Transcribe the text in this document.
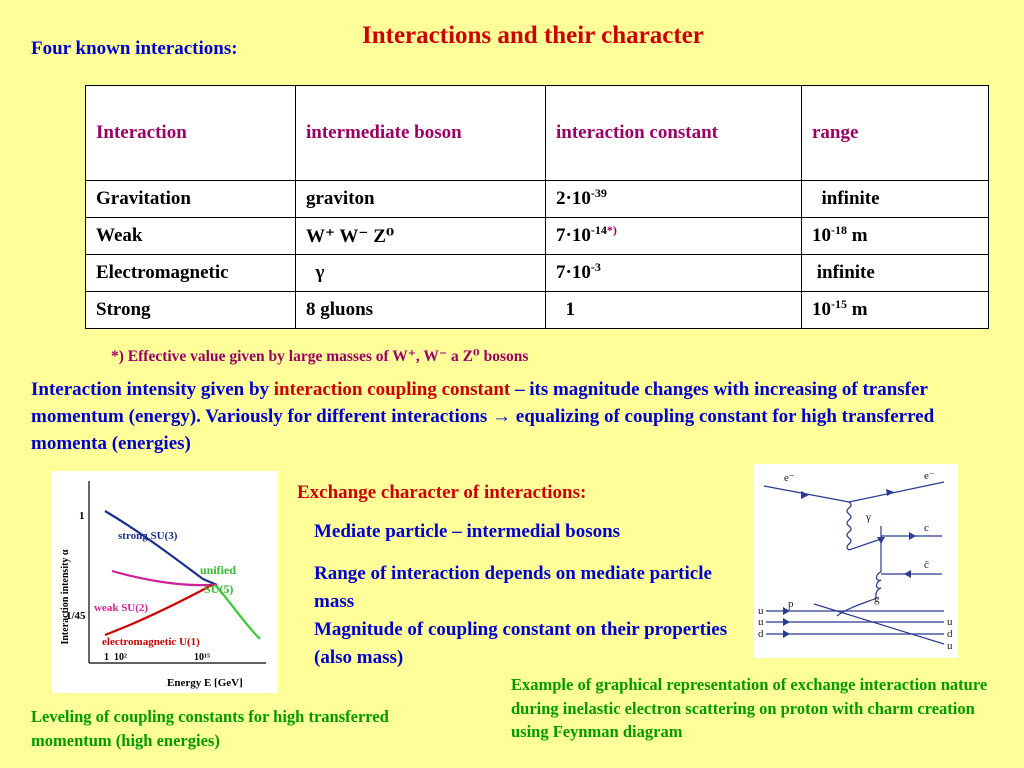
Interactions and their character
Four known interactions:
Interaction	intermediate boson	interaction constant	range
Gravitation	graviton	$2\cdot 10^{-39}$	infinite
Weak	W⁺ W⁻ Z⁰	7·10$^{-14*)}$	$10^{-18}$ m
Electromagnetic	γ	$7\cdot 10^{-3}$	infinite
Strong	8 gluons	1	$10^{-15}$ m
*) Effective value given by large masses of W⁺, W⁻ a Z⁰ bosons
Interaction intensity given by interaction coupling constant – its magnitude changes with increasing of transfer momentum (energy). Variously for different interactions → equalizing of coupling constant for high transferred momenta (energies)
Interaction intensity α
1
1/45
1 10²	10¹⁵
strong SU(3)
weak SU(2)
electromagnetic U(1)
unified
SU(5)
Energy E [GeV]
Leveling of coupling constants for high transferred momentum (high energies)
Exchange character of interactions:
Mediate particle – intermedial bosons
Range of interaction depends on mediate particle mass
Magnitude of coupling constant on their properties (also mass)
e⁻	e⁻
γ
c
c̄
g
p
u
u
d
u
d
u
Example of graphical representation of exchange interaction nature during inelastic electron scattering on proton with charm creation using Feynman diagram
